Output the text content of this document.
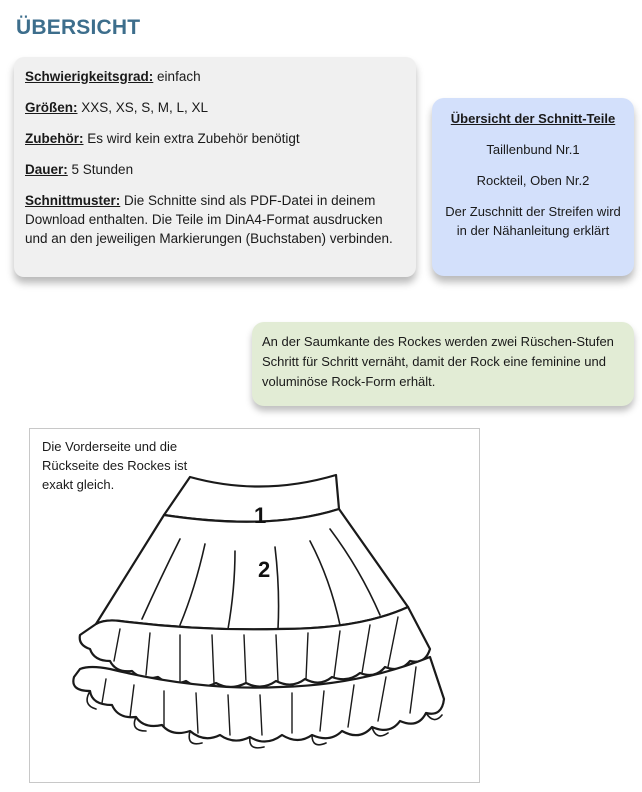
ÜBERSICHT

Schwierigkeitsgrad: einfach

Größen: XXS, XS, S, M, L, XL

Zubehör: Es wird kein extra Zubehör benötigt

Dauer: 5 Stunden

Schnittmuster: Die Schnitte sind als PDF-Datei in deinem Download enthalten. Die Teile im DinA4-Format ausdrucken und an den jeweiligen Markierungen (Buchstaben) verbinden.

Übersicht der Schnitt-Teile
Taillenbund Nr.1
Rockteil, Oben Nr.2
Der Zuschnitt der Streifen wird in der Nähanleitung erklärt
An der Saumkante des Rockes werden zwei Rüschen-Stufen Schritt für Schritt vernäht, damit der Rock eine feminine und voluminöse Rock-Form erhält.
Die Vorderseite und die Rückseite des Rockes ist exakt gleich.
1
2
